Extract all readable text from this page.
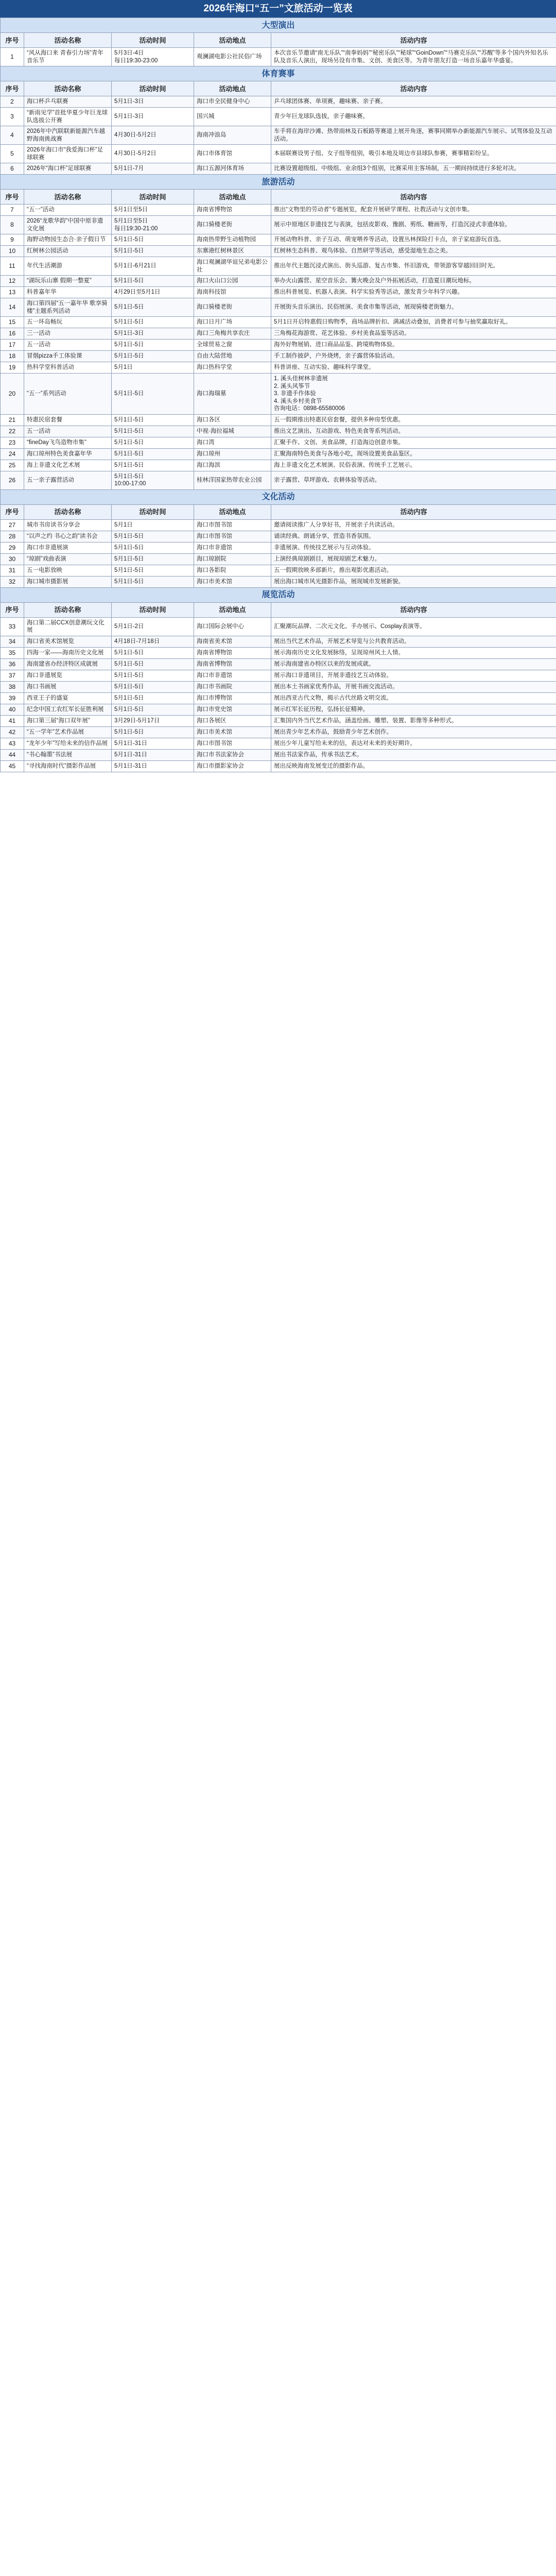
2026年海口“五一”文旅活动一览表
大型演出				
序号	活动名称	活动时间	活动地点	活动内容
1	“风从海口来 青春引力场”青年音乐节	5月3日-4日
每日19:30-23:00	观澜湖电影公社民俗广场	本次音乐节邀请“南无乐队”“南拳妈妈”“秘密乐队”“秘球”“GoinDown”“马赛克乐队”“苏醒”等多个国内外知名乐队及音乐人演出，现场另设有市集、文创、美食区等。为青年朋友打造一场音乐嘉年华盛宴。
体育赛事				
序号	活动名称	活动时间	活动地点	活动内容
2	海口杯乒乓联赛	5月1日-3日	海口市全民健身中心	乒乓球团体赛、单项赛，趣味赛、亲子赛。
3	“新雨见学”首批华夏少年巨龙球队选拔公开赛	5月1日-3日	国兴城	青少年巨龙球队选拔，亲子趣味赛。
4	2026年中汽联联新能源汽车越野海南挑战赛	4月30日-5月2日	海南冲浪岛	车手将在海岸沙滩、热带雨林及石板路等赛道上展开角逐，赛事同期举办新能源汽车展示、试驾体验及互动活动。
5	2026年海口市“我爱海口杯”足球联赛	4月30日-5月2日	海口市体育馆	本届联赛设男子组、女子组等组别，吸引本地及周边市县球队参赛，赛事精彩纷呈。
6	2026年“海口杯”足球联赛	5月1日-7月	海口五源河体育场	比赛设置超级组、中级组、业余组3个组别，比赛采用主客场制，五一期间持续进行多轮对决。
旅游活动				
序号	活动名称	活动时间	活动地点	活动内容
7	“五一”活动	5月1日至5日	海南省博物馆	推出“文物里的劳动者”专题展览，配套开展研学课程、社教活动与文创市集。
8	2026“龙歌华韵”中国中原非遗文化展	5月1日至5日
每日19:30-21:00	海口骑楼老街	展示中原地区非遗技艺与表演，包括皮影戏、豫剧、剪纸、糖画等，打造沉浸式非遗体验。
9	海野动物园生态合·亲子假日节	5月1日-5日	海南热带野生动植物园	开展动物科普、亲子互动、萌宠喂养等活动，设置丛林探险打卡点，亲子家庭游玩首选。
10	红树林公园活动	5月1日-5日	东寨港红树林景区	红树林生态科普、观鸟体验、自然研学等活动，感受湿地生态之美。
11	年代生活潮游	5月1日-6月21日	海口观澜湖华谊兄弟电影公社	推出年代主题沉浸式演出、街头巡游、复古市集、怀旧游戏，带领游客穿越回旧时光。
12	“湖玩乐山寨 假期一整夏”	5月1日-5日	海口火山口公园	举办火山露营、星空音乐会、篝火晚会及户外拓展活动，打造夏日潮玩地标。
13	科普嘉年华	4月29日至5月1日	海南科技馆	推出科普展览、机器人表演、科学实验秀等活动，激发青少年科学兴趣。
14	海口第四届“五一嘉年华 歌享骑楼”主题系列活动	5月1日-5日	海口骑楼老街	开展街头音乐演出、民俗展演、美食市集等活动，展现骑楼老街魅力。
15	五一环岛畅玩	5月1日-5日	海口日月广场	5月1日开启特惠假日购物季，商场品牌折扣、满减活动叠加，消费者可参与抽奖赢取好礼。
16	三一活动	5月1日-3日	海口三角梅共享农庄	三角梅花海游赏、花艺体验、乡村美食品鉴等活动。
17	五一活动	5月1日-5日	全球贸易之窗	海外好物展销、进口商品品鉴、跨境购物体验。
18	冒烟pizza手工体验课	5月1日-5日	自由大陆营地	手工制作披萨，户外烧烤，亲子露营体验活动。
19	热科学堂科普活动	5月1日	海口热科学堂	科普讲座、互动实验、趣味科学课堂。
20	“五一”系列活动	5月1日-5日	海口海瑞墓	1. 溪头佳树林非遗展
2. 溪头风筝节
3. 非遗手作体验
4. 溪头乡村美食节
咨询电话：0898-65580006
21	特惠民宿套餐	5月1日-5日	海口各区	五一假期推出特惠民宿套餐，提供多种房型优惠。
22	五一活动	5月1日-5日	中视·海拉福城	推出文艺演出、互动游戏、特色美食等系列活动。
23	“fineDay飞鸟造物市集”	5月1日-5日	海口湾	汇聚手作、文创、美食品牌，打造海边创意市集。
24	海口琼州特色美食嘉年华	5月1日-5日	海口琼州	汇聚海南特色美食与各地小吃，现场设置美食品鉴区。
25	海上非遗文化艺术展	5月1日-5日	海口海滨	海上非遗文化艺术展演、民俗表演、传统手工艺展示。
26	五一亲子露营活动	5月1日-5日
10:00-17:00	桂林洋国家热带农业公园	亲子露营、草坪游戏、农耕体验等活动。
文化活动				
序号	活动名称	活动时间	活动地点	活动内容
27	城市书房读书分享会	5月1日	海口市图书馆	邀请阅读推广人分享好书，开展亲子共读活动。
28	“以声之约 书心之韵”读书会	5月1日-5日	海口市图书馆	诵读经典、朗诵分享，营造书香氛围。
29	海口市非遗展演	5月1日-5日	海口市非遗馆	非遗展演、传统技艺展示与互动体验。
30	“琼剧”戏曲表演	5月1日-5日	海口琼剧院	上演经典琼剧剧目，展现琼剧艺术魅力。
31	五一电影放映	5月1日-5日	海口各影院	五一假期放映多部新片，推出观影优惠活动。
32	海口城市摄影展	5月1日-5日	海口市美术馆	展出海口城市风光摄影作品，展现城市发展新貌。
展览活动				
序号	活动名称	活动时间	活动地点	活动内容
33	海口第二届CCX创意潮玩文化展	5月1日-2日	海口国际会展中心	汇聚潮玩品牌、二次元文化、手办展示、Cosplay表演等。
34	海口省美术馆展览	4月18日-7月18日	海南省美术馆	展出当代艺术作品，开展艺术导览与公共教育活动。
35	四海一家——海南历史文化展	5月1日-5日	海南省博物馆	展示海南历史文化发展脉络，呈现琼州风土人情。
36	海南建省办经济特区成就展	5月1日-5日	海南省博物馆	展示海南建省办特区以来的发展成就。
37	海口非遗展览	5月1日-5日	海口市非遗馆	展示海口非遗项目，开展非遗技艺互动体验。
38	海口书画展	5月1日-5日	海口市书画院	展出本土书画家优秀作品，开展书画交流活动。
39	西亚王子的盛宴	5月1日-5日	海口市博物馆	展出西亚古代文物，揭示古代丝路文明交流。
40	纪念中国工农红军长征胜利展	5月1日-5日	海口市党史馆	展示红军长征历程，弘扬长征精神。
41	海口第三届“海口双年展”	3月29日-5月17日	海口各展区	汇集国内外当代艺术作品，涵盖绘画、雕塑、装置、影像等多种形式。
42	“五一学年”艺术作品展	5月1日-5日	海口市美术馆	展出青少年艺术作品，鼓励青少年艺术创作。
43	“龙年少年”写给未来的信作品展	5月1日-31日	海口市图书馆	展出少年儿童写给未来的信，表达对未来的美好期许。
44	“书心翰墨”书法展	5月1日-31日	海口市书法家协会	展出书法家作品，传承书法艺术。
45	“寻找海南时代”摄影作品展	5月1日-31日	海口市摄影家协会	展出反映海南发展变迁的摄影作品。
